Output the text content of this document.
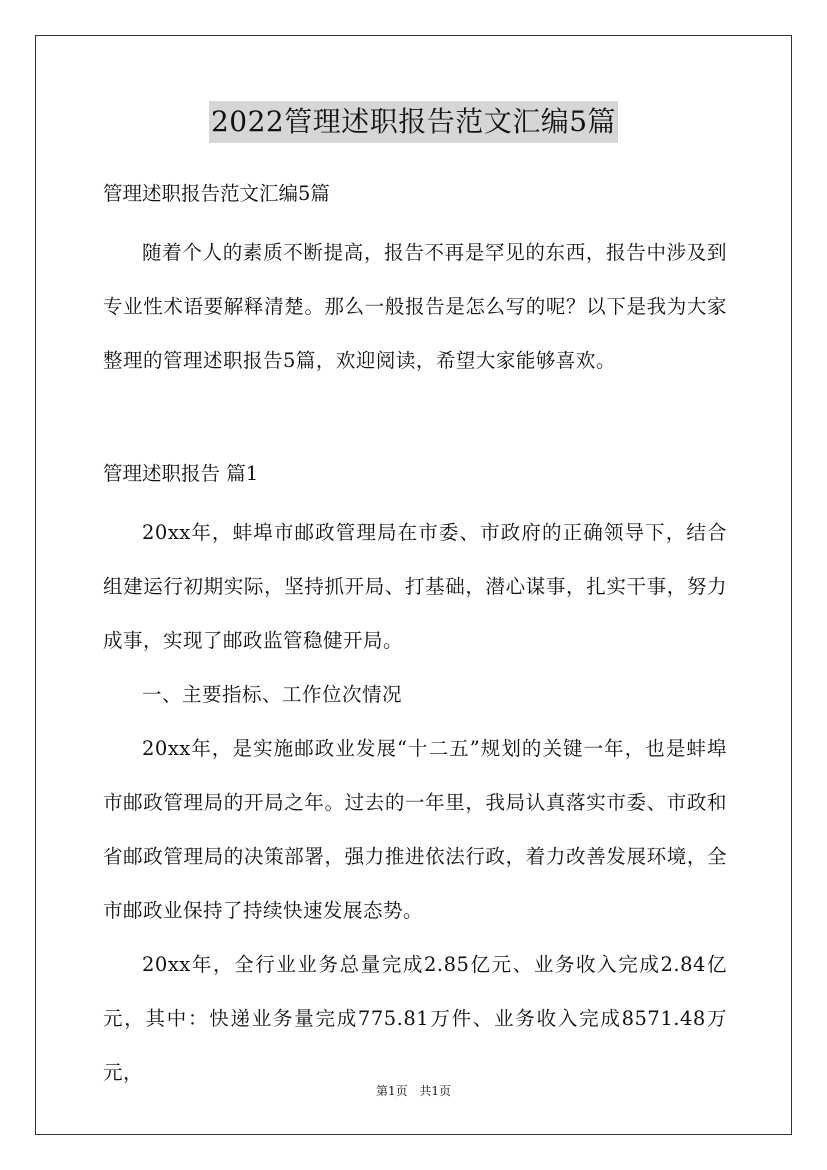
2022管理述职报告范文汇编5篇

管理述职报告范文汇编5篇

随着个人的素质不断提高，报告不再是罕见的东西，报告中涉及到专业性术语要解释清楚。那么一般报告是怎么写的呢？以下是我为大家整理的管理述职报告5篇，欢迎阅读，希望大家能够喜欢。

管理述职报告 篇1

20xx年，蚌埠市邮政管理局在市委、市政府的正确领导下，结合组建运行初期实际，坚持抓开局、打基础，潜心谋事，扎实干事，努力成事，实现了邮政监管稳健开局。

一、主要指标、工作位次情况

20xx年，是实施邮政业发展“十二五”规划的关键一年，也是蚌埠市邮政管理局的开局之年。过去的一年里，我局认真落实市委、市政和省邮政管理局的决策部署，强力推进依法行政，着力改善发展环境，全市邮政业保持了持续快速发展态势。

20xx年，全行业业务总量完成2.85亿元、业务收入完成2.84亿元，其中：快递业务量完成775.81万件、业务收入完成8571.48万元，

第1页 共1页
